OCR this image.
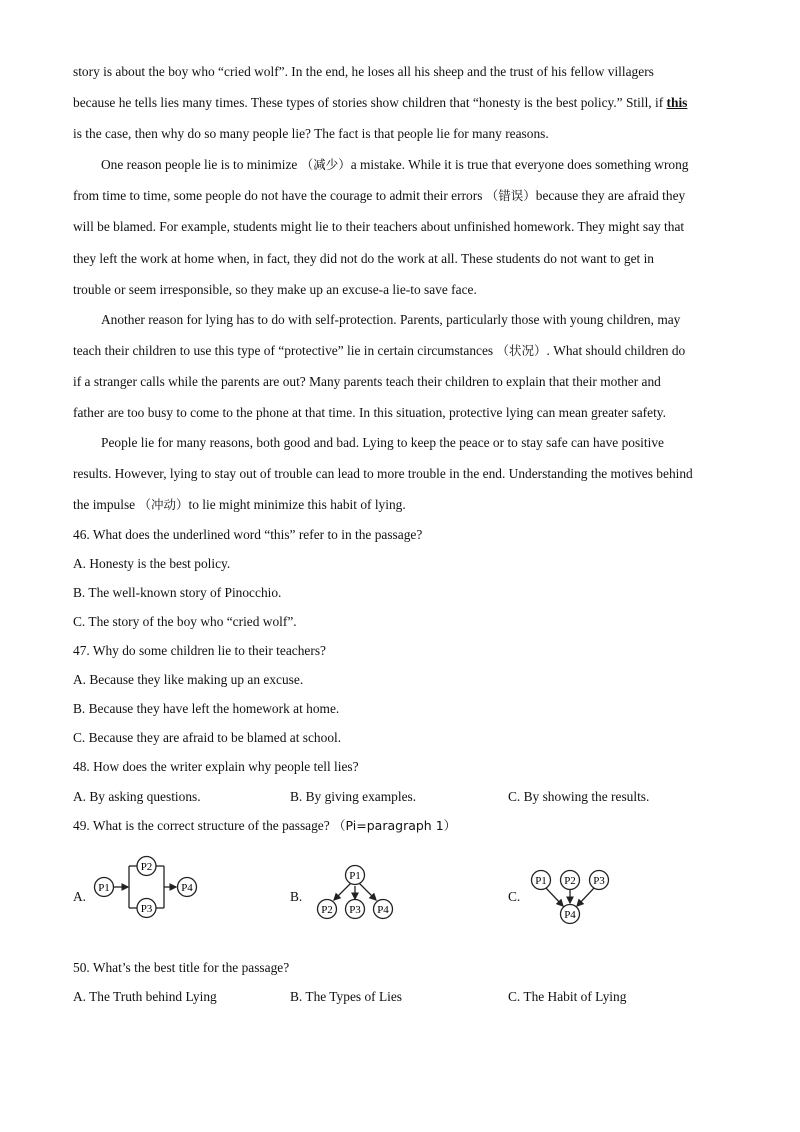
story is about the boy who “cried wolf”. In the end, he loses all his sheep and the trust of his fellow villagers
because he tells lies many times. These types of stories show children that “honesty is the best policy.” Still, if this
is the case, then why do so many people lie? The fact is that people lie for many reasons.
One reason people lie is to minimize （减少）a mistake. While it is true that everyone does something wrong
from time to time, some people do not have the courage to admit their errors （错误）because they are afraid they
will be blamed. For example, students might lie to their teachers about unfinished homework. They might say that
they left the work at home when, in fact, they did not do the work at all. These students do not want to get in
trouble or seem irresponsible, so they make up an excuse-a lie-to save face.
Another reason for lying has to do with self-protection. Parents, particularly those with young children, may
teach their children to use this type of “protective” lie in certain circumstances （状况）. What should children do
if a stranger calls while the parents are out? Many parents teach their children to explain that their mother and
father are too busy to come to the phone at that time. In this situation, protective lying can mean greater safety.
People lie for many reasons, both good and bad. Lying to keep the peace or to stay safe can have positive
results. However, lying to stay out of trouble can lead to more trouble in the end. Understanding the motives behind
the impulse （冲动）to lie might minimize this habit of lying.
46. What does the underlined word “this” refer to in the passage?
A. Honesty is the best policy.
B. The well-known story of Pinocchio.
C. The story of the boy who “cried wolf”.
47. Why do some children lie to their teachers?
A. Because they like making up an excuse.
B. Because they have left the homework at home.
C. Because they are afraid to be blamed at school.
48. How does the writer explain why people tell lies?
A. By asking questions.	B. By giving examples.	C. By showing the results.
49. What is the correct structure of the passage? （Pi=paragraph 1）
A.	B.	C.
P1
P2
P3
P4
P1
P2 P3 P4
P1 P2 P3
P4
50. What’s the best title for the passage?
A. The Truth behind Lying	B. The Types of Lies	C. The Habit of Lying
